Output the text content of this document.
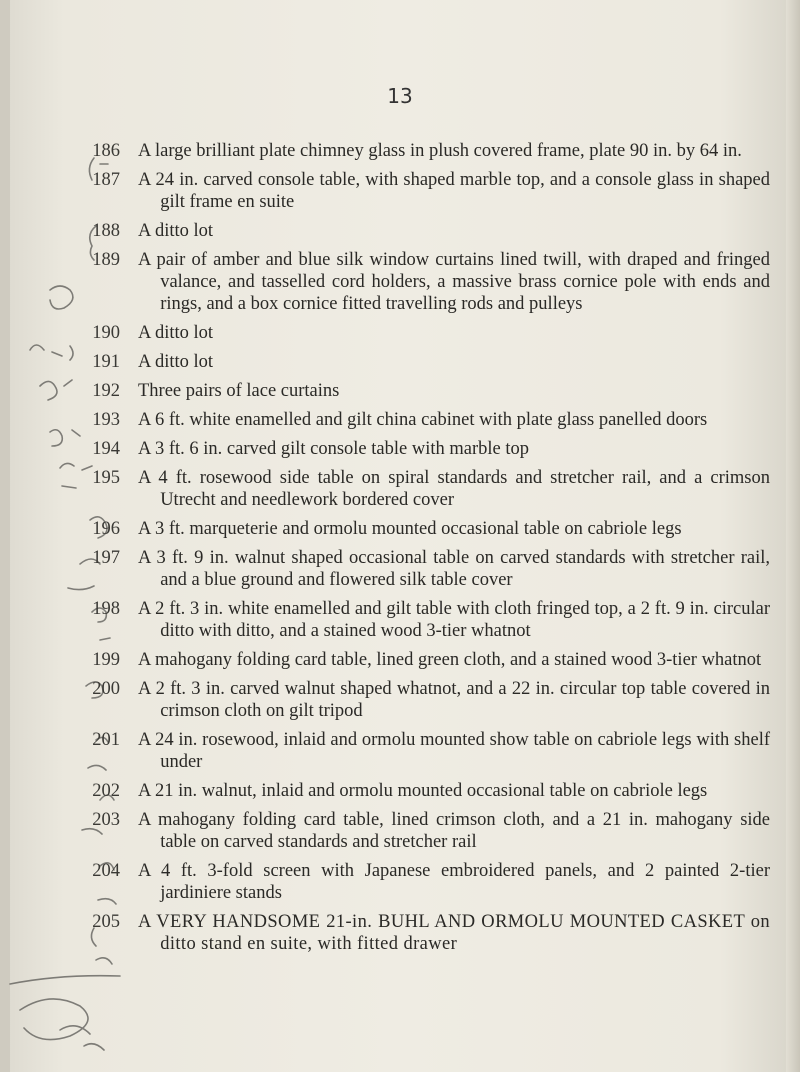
13
186 A large brilliant plate chimney glass in plush covered frame, plate 90 in. by 64 in.
187 A 24 in. carved console table, with shaped marble top, and a console glass in shaped gilt frame en suite
188 A ditto lot
189 A pair of amber and blue silk window curtains lined twill, with draped and fringed valance, and tasselled cord holders, a massive brass cornice pole with ends and rings, and a box cornice fitted travelling rods and pulleys
190 A ditto lot
191 A ditto lot
192 Three pairs of lace curtains
193 A 6 ft. white enamelled and gilt china cabinet with plate glass panelled doors
194 A 3 ft. 6 in. carved gilt console table with marble top
195 A 4 ft. rosewood side table on spiral standards and stretcher rail, and a crimson Utrecht and needlework bordered cover
196 A 3 ft. marqueterie and ormolu mounted occasional table on cabriole legs
197 A 3 ft. 9 in. walnut shaped occasional table on carved standards with stretcher rail, and a blue ground and flowered silk table cover
198 A 2 ft. 3 in. white enamelled and gilt table with cloth fringed top, a 2 ft. 9 in. circular ditto with ditto, and a stained wood 3-tier whatnot
199 A mahogany folding card table, lined green cloth, and a stained wood 3-tier whatnot
200 A 2 ft. 3 in. carved walnut shaped whatnot, and a 22 in. circular top table covered in crimson cloth on gilt tripod
201 A 24 in. rosewood, inlaid and ormolu mounted show table on cabriole legs with shelf under
202 A 21 in. walnut, inlaid and ormolu mounted occasional table on cabriole legs
203 A mahogany folding card table, lined crimson cloth, and a 21 in. mahogany side table on carved standards and stretcher rail
204 A 4 ft. 3-fold screen with Japanese embroidered panels, and 2 painted 2-tier jardiniere stands
205 A VERY HANDSOME 21-in. BUHL AND ORMOLU MOUNTED CASKET on ditto stand en suite, with fitted drawer
